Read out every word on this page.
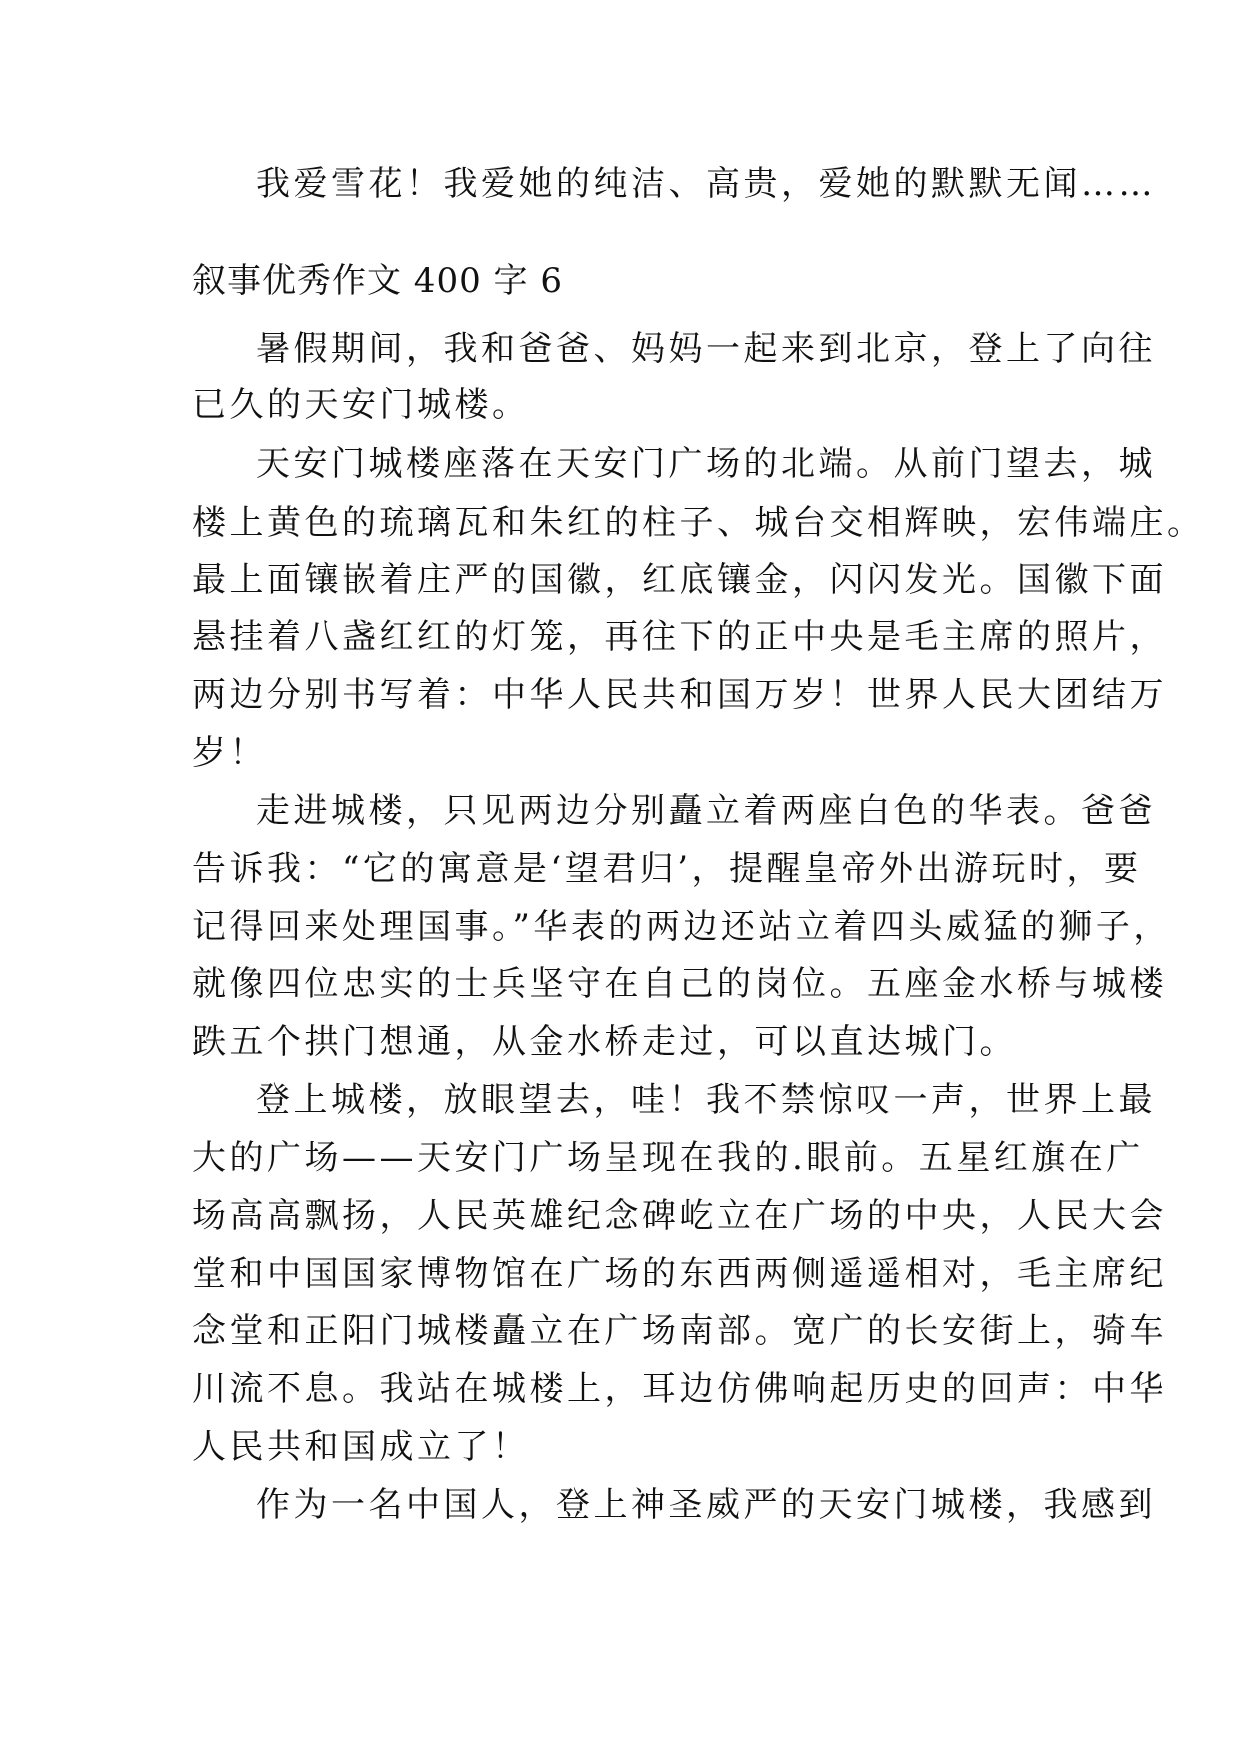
我爱雪花！我爱她的纯洁、高贵，爱她的默默无闻……
叙事优秀作文 400 字 6
暑假期间，我和爸爸、妈妈一起来到北京，登上了向往
已久的天安门城楼。
天安门城楼座落在天安门广场的北端。从前门望去，城
楼上黄色的琉璃瓦和朱红的柱子、城台交相辉映，宏伟端庄。
最上面镶嵌着庄严的国徽，红底镶金，闪闪发光。国徽下面
悬挂着八盏红红的灯笼，再往下的正中央是毛主席的照片，
两边分别书写着：中华人民共和国万岁！世界人民大团结万
岁！
走进城楼，只见两边分别矗立着两座白色的华表。爸爸
告诉我：“它的寓意是‘望君归’，提醒皇帝外出游玩时，要
记得回来处理国事。”华表的两边还站立着四头威猛的狮子，
就像四位忠实的士兵坚守在自己的岗位。五座金水桥与城楼
跌五个拱门想通，从金水桥走过，可以直达城门。
登上城楼，放眼望去，哇！我不禁惊叹一声，世界上最
大的广场——天安门广场呈现在我的.眼前。五星红旗在广
场高高飘扬，人民英雄纪念碑屹立在广场的中央，人民大会
堂和中国国家博物馆在广场的东西两侧遥遥相对，毛主席纪
念堂和正阳门城楼矗立在广场南部。宽广的长安街上，骑车
川流不息。我站在城楼上，耳边仿佛响起历史的回声：中华
人民共和国成立了！
作为一名中国人，登上神圣威严的天安门城楼，我感到
